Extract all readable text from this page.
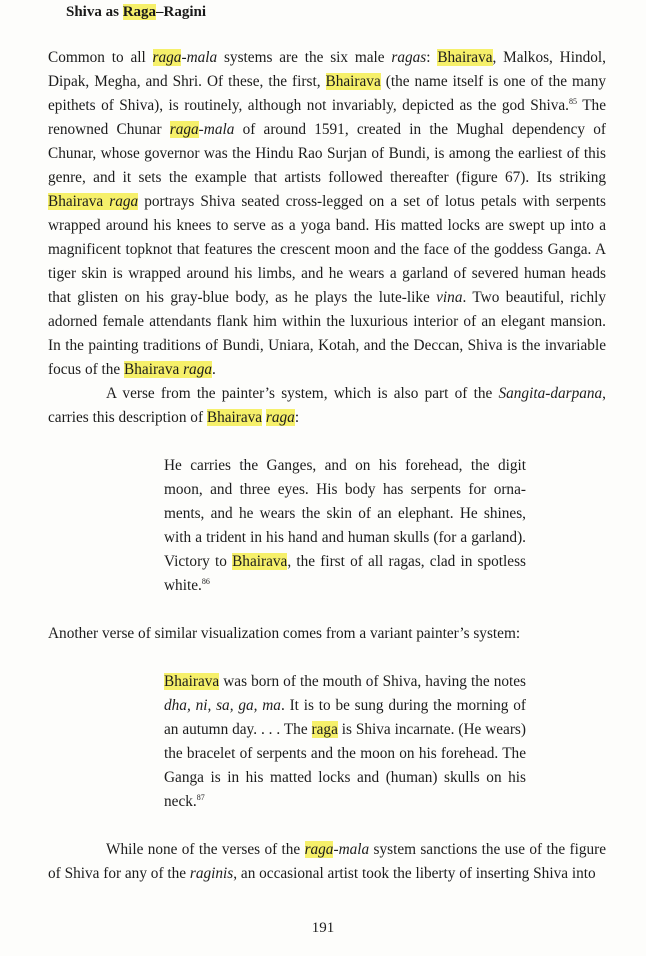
Shiva as Raga–Ragini

Common to all raga-mala systems are the six male ragas: Bhairava, Malkos, Hindol, Dipak, Megha, and Shri. Of these, the first, Bhairava (the name itself is one of the many epithets of Shiva), is routinely, although not invariably, depicted as the god Shiva.$^{85}$ The renowned Chunar raga-mala of around 1591, created in the Mughal dependency of Chunar, whose governor was the Hindu Rao Surjan of Bundi, is among the earliest of this genre, and it sets the example that artists followed thereafter (figure 67). Its striking Bhairava raga portrays Shiva seated cross-legged on a set of lotus petals with serpents wrapped around his knees to serve as a yoga band. His matted locks are swept up into a magnificent topknot that features the crescent moon and the face of the goddess Ganga. A tiger skin is wrapped around his limbs, and he wears a garland of severed human heads that glisten on his gray-blue body, as he plays the lute-like vina. Two beautiful, richly adorned female attendants flank him within the luxurious interior of an elegant mansion. In the painting traditions of Bundi, Uniara, Kotah, and the Deccan, Shiva is the invariable focus of the Bhairava raga.

A verse from the painter’s system, which is also part of the Sangita-darpana, carries this description of Bhairava raga:

He carries the Ganges, and on his forehead, the digit moon, and three eyes. His body has serpents for ornaments, and he wears the skin of an elephant. He shines, with a trident in his hand and human skulls (for a garland). Victory to Bhairava, the first of all ragas, clad in spotless white.$^{86}$

Another verse of similar visualization comes from a variant painter’s system:

Bhairava was born of the mouth of Shiva, having the notes dha, ni, sa, ga, ma. It is to be sung during the morning of an autumn day. . . . The raga is Shiva incarnate. (He wears) the bracelet of serpents and the moon on his forehead. The Ganga is in his matted locks and (human) skulls on his neck.$^{87}$

While none of the verses of the raga-mala system sanctions the use of the figure of Shiva for any of the raginis, an occasional artist took the liberty of inserting Shiva into

191
